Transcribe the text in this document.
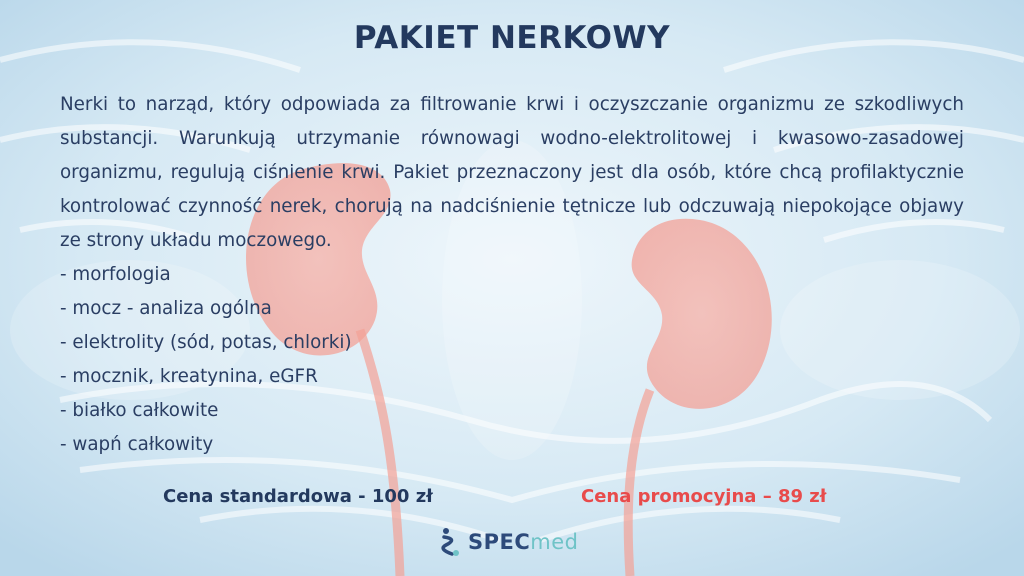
PAKIET NERKOWY

Nerki to narząd, który odpowiada za filtrowanie krwi i oczyszczanie organizmu ze szkodliwych substancji. Warunkują utrzymanie równowagi wodno-elektrolitowej i kwasowo-zasadowej organizmu, regulują ciśnienie krwi. Pakiet przeznaczony jest dla osób, które chcą profilaktycznie kontrolować czynność nerek, chorują na nadciśnienie tętnicze lub odczuwają niepokojące objawy ze strony układu moczowego.

- morfologia
- mocz - analiza ogólna
- elektrolity (sód, potas, chlorki)
- mocznik, kreatynina, eGFR
- białko całkowite
- wapń całkowity
Cena standardowa - 100 zł	Cena promocyjna – 89 zł
SPECmed
